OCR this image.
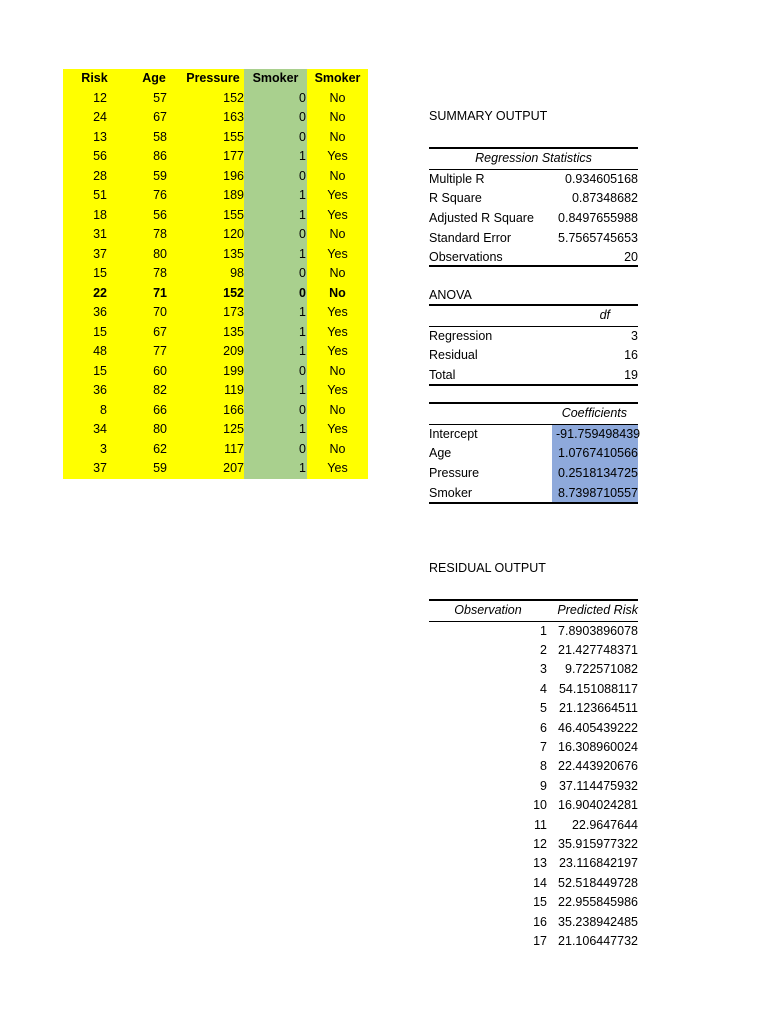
Risk	Age	Pressure	Smoker	Smoker
12	57	152	0	No
24	67	163	0	No
13	58	155	0	No
56	86	177	1	Yes
28	59	196	0	No
51	76	189	1	Yes
18	56	155	1	Yes
31	78	120	0	No
37	80	135	1	Yes
15	78	98	0	No
22	71	152	0	No
36	70	173	1	Yes
15	67	135	1	Yes
48	77	209	1	Yes
15	60	199	0	No
36	82	119	1	Yes
8	66	166	0	No
34	80	125	1	Yes
3	62	117	0	No
37	59	207	1	Yes
SUMMARY OUTPUT
Regression Statistics
Multiple R	0.934605168
R Square	0.87348682
Adjusted R Square 0.8497655988
Standard Error	5.7565745653
Observations	20
ANOVA
df
Regression	3
Residual	16
Total	19
Coefficients
Intercept	-91.759498439
Age	1.0767410566
Pressure	0.2518134725
Smoker	8.7398710557
RESIDUAL OUTPUT
Observation	Predicted Risk
1 7.8903896078
2 21.427748371
3	9.722571082
4 54.151088117
5 21.123664511
6 46.405439222
7 16.308960024
8 22.443920676
9 37.114475932
10 16.904024281
11	22.9647644
12 35.915977322
13 23.116842197
14 52.518449728
15 22.955845986
16 35.238942485
17 21.106447732
